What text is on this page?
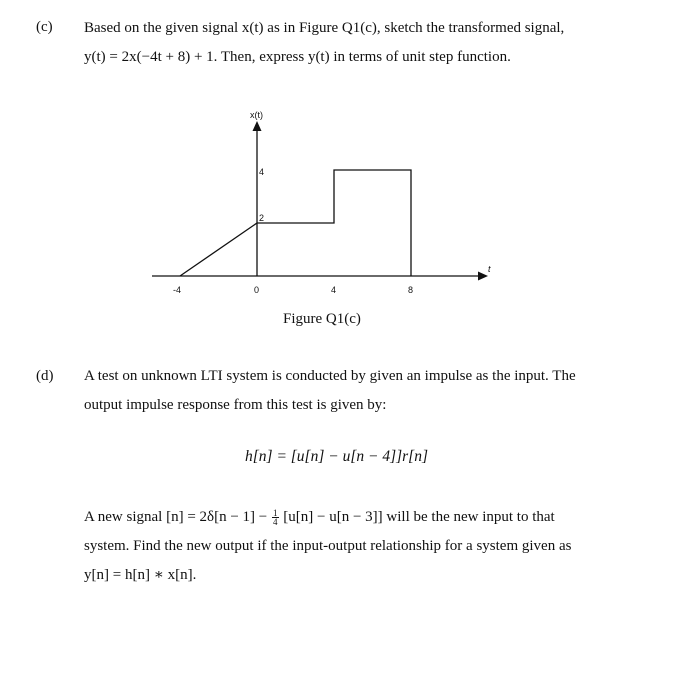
(c) Based on the given signal x(t) as in Figure Q1(c), sketch the transformed signal,
y(t) = 2x(−4t + 8) + 1. Then, express y(t) in terms of unit step function.
x(t)
t
-4	0	4	8
4
2
Figure Q1(c)
(d) A test on unknown LTI system is conducted by given an impulse as the input. The
output impulse response from this test is given by:
h[n] = [u[n] − u[n − 4]]r[n]
A new signal $[n] = 2\delta[n - 1] - \frac{1}{4} [u[n] - u[n - 3]]$ will be the new input to that
system. Find the new output if the input-output relationship for a system given as
y[n] = h[n] ∗ x[n].
